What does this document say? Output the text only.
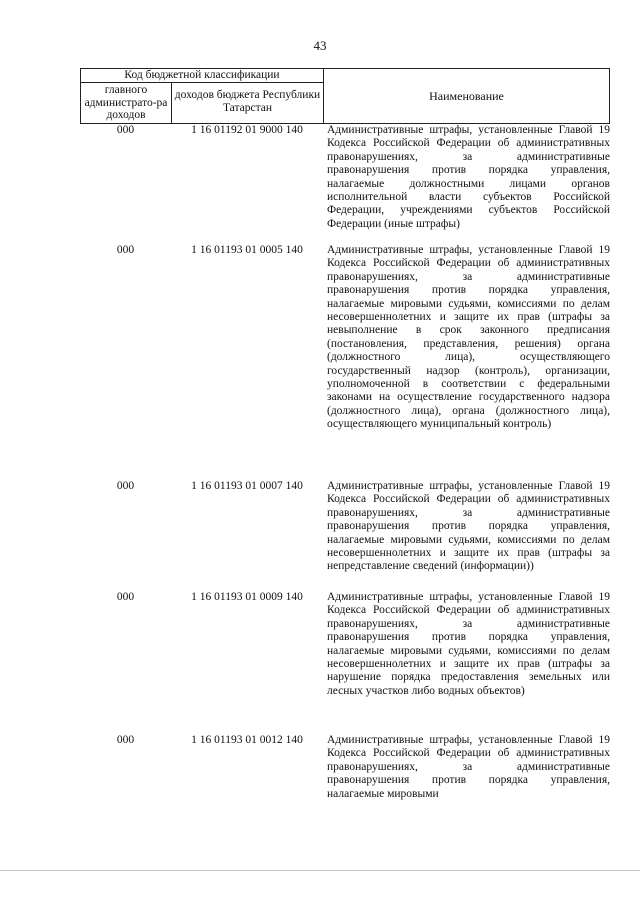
43
Код бюджетной классификации
главного администрато-ра доходов
доходов бюджета Республики Татарстан
Наименование
000	1 16 01192 01 9000 140	Административные штрафы, установленные Главой 19 Кодекса Российской Федерации об административных правонарушениях, за административные правонарушения против порядка управления, налагаемые должностными лицами органов исполнительной власти субъектов Российской Федерации, учреждениями субъектов Российской Федерации (иные штрафы)
000	1 16 01193 01 0005 140	Административные штрафы, установленные Главой 19 Кодекса Российской Федерации об административных правонарушениях, за административные правонарушения против порядка управления, налагаемые мировыми судьями, комиссиями по делам несовершеннолетних и защите их прав (штрафы за невыполнение в срок законного предписания (постановления, представления, решения) органа (должностного лица), осуществляющего государственный надзор (контроль), организации, уполномоченной в соответствии с федеральными законами на осуществление государственного надзора (должностного лица), органа (должностного лица), осуществляющего муниципальный контроль)
000	1 16 01193 01 0007 140	Административные штрафы, установленные Главой 19 Кодекса Российской Федерации об административных правонарушениях, за административные правонарушения против порядка управления, налагаемые мировыми судьями, комиссиями по делам несовершеннолетних и защите их прав (штрафы за непредставление сведений (информации))
000	1 16 01193 01 0009 140	Административные штрафы, установленные Главой 19 Кодекса Российской Федерации об административных правонарушениях, за административные правонарушения против порядка управления, налагаемые мировыми судьями, комиссиями по делам несовершеннолетних и защите их прав (штрафы за нарушение порядка предоставления земельных или лесных участков либо водных объектов)
000	1 16 01193 01 0012 140	Административные штрафы, установленные Главой 19 Кодекса Российской Федерации об административных правонарушениях, за административные правонарушения против порядка управления, налагаемые мировыми
